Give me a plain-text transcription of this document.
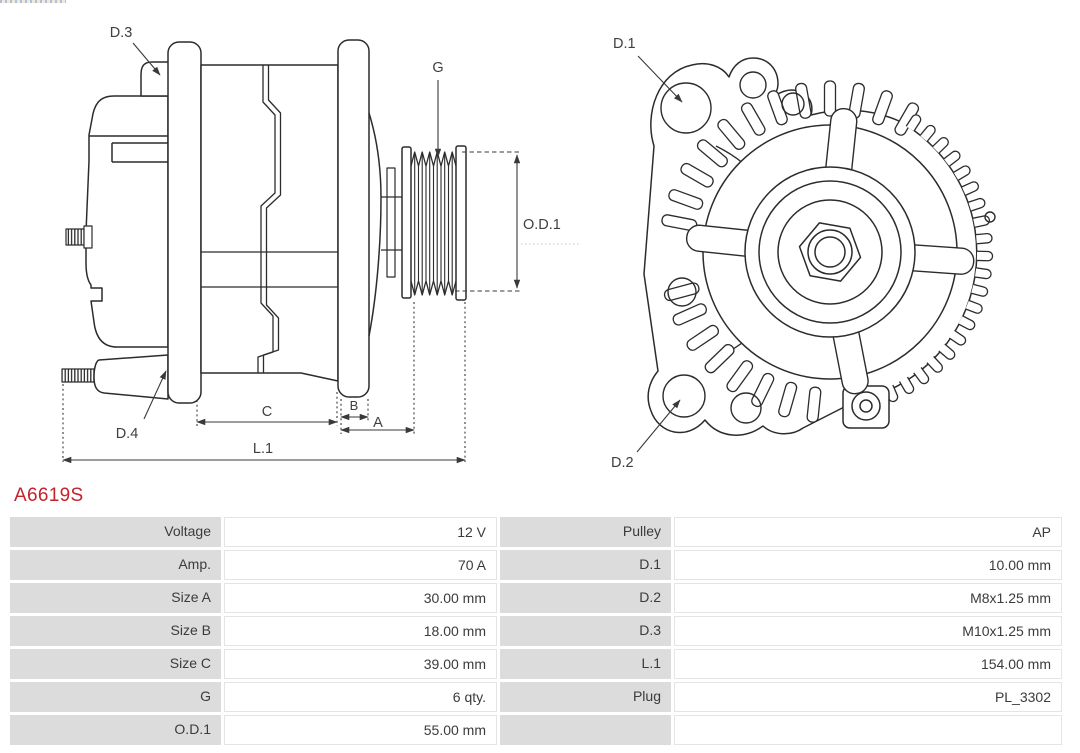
D.3
D.4
G
O.D.1
C	B
A
L.1
D.1
D.2
A6619S
Voltage	12 V	Pulley	AP
Amp.	70 A	D.1	10.00 mm
Size A	30.00 mm	D.2	M8x1.25 mm
Size B	18.00 mm	D.3	M10x1.25 mm
Size C	39.00 mm	L.1	154.00 mm
G	6 qty.	Plug	PL_3302
O.D.1	55.00 mm
